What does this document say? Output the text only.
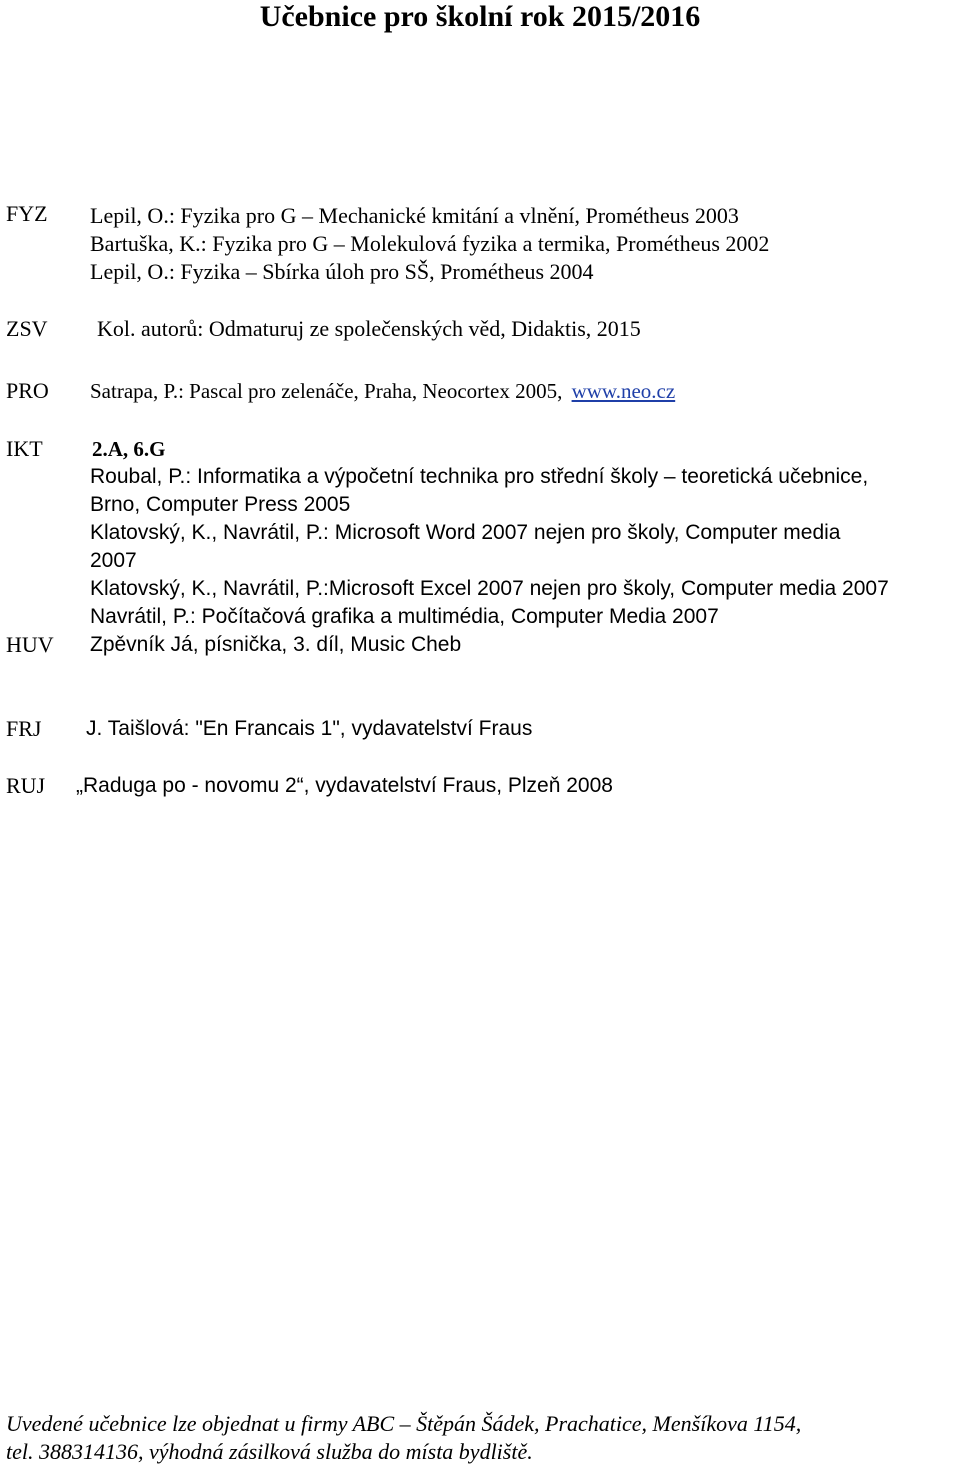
Učebnice pro školní rok 2015/2016
FYZ Lepil, O.: Fyzika pro G – Mechanické kmitání a vlnění, Prométheus 2003
Bartuška, K.: Fyzika pro G – Molekulová fyzika a termika, Prométheus 2002
Lepil, O.: Fyzika – Sbírka úloh pro SŠ, Prométheus 2004
ZSV Kol. autorů: Odmaturuj ze společenských věd, Didaktis, 2015
PRO Satrapa, P.: Pascal pro zelenáče, Praha, Neocortex 2005, www.neo.cz
IKT 2.A, 6.G
Roubal, P.: Informatika a výpočetní technika pro střední školy – teoretická učebnice,
Brno, Computer Press 2005
Klatovský, K., Navrátil, P.: Microsoft Word 2007 nejen pro školy, Computer media
2007
Klatovský, K., Navrátil, P.:Microsoft Excel 2007 nejen pro školy, Computer media 2007
Navrátil, P.: Počítačová grafika a multimédia, Computer Media 2007
HUV Zpěvník Já, písnička, 3. díl, Music Cheb
FRJ J. Taišlová: "En Francais 1", vydavatelství Fraus
RUJ „Raduga po - novomu 2“, vydavatelství Fraus, Plzeň 2008
Uvedené učebnice lze objednat u firmy ABC – Štěpán Šádek, Prachatice, Menšíkova 1154,
tel. 388314136, výhodná zásilková služba do místa bydliště.
